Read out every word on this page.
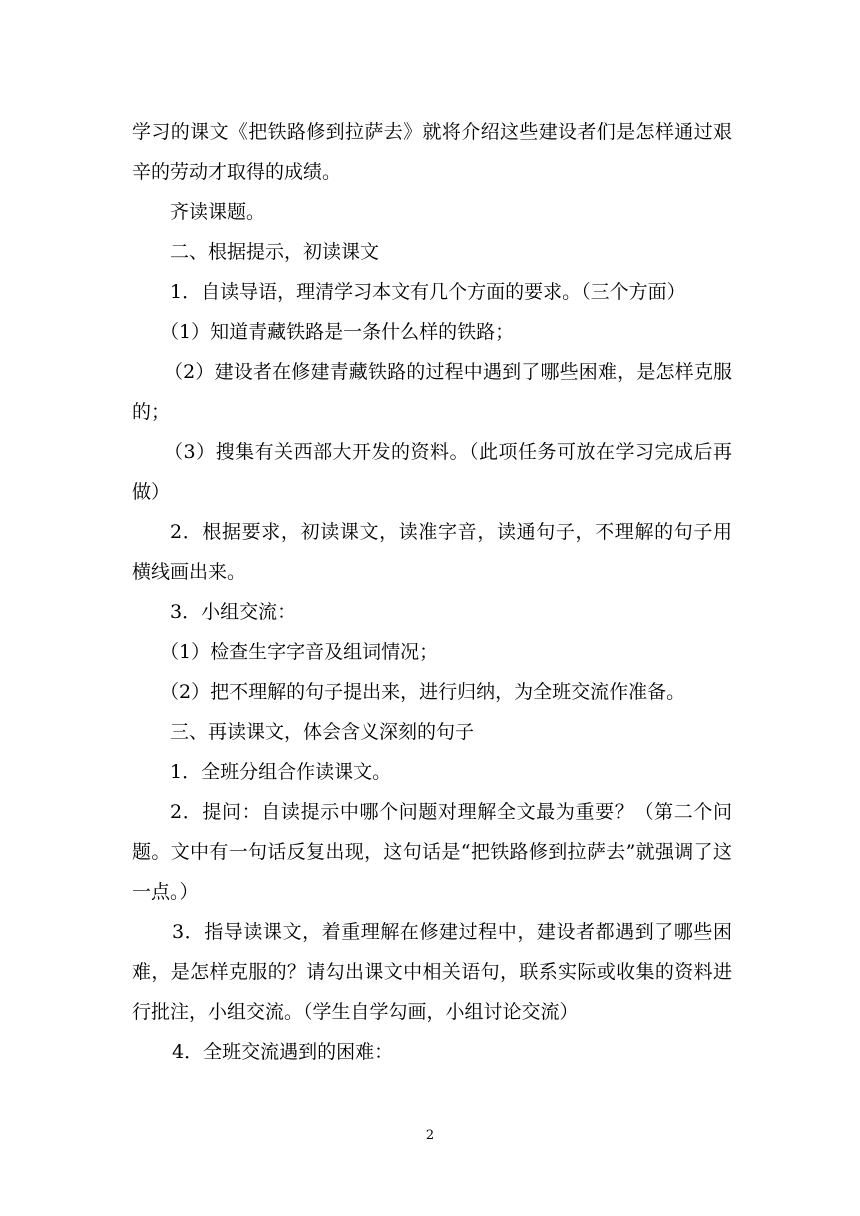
学习的课文《把铁路修到拉萨去》就将介绍这些建设者们是怎样通过艰辛的劳动才取得的成绩。

齐读课题。

二、根据提示，初读课文

1．自读导语，理清学习本文有几个方面的要求。（三个方面）

（1）知道青藏铁路是一条什么样的铁路；

（2）建设者在修建青藏铁路的过程中遇到了哪些困难，是怎样克服的；

（3）搜集有关西部大开发的资料。（此项任务可放在学习完成后再做）

2．根据要求，初读课文，读准字音，读通句子，不理解的句子用横线画出来。

3．小组交流：

（1）检查生字字音及组词情况；

（2）把不理解的句子提出来，进行归纳，为全班交流作准备。

三、再读课文，体会含义深刻的句子

1．全班分组合作读课文。

2．提问：自读提示中哪个问题对理解全文最为重要？（第二个问题。文中有一句话反复出现，这句话是“把铁路修到拉萨去”就强调了这一点。）

3．指导读课文，着重理解在修建过程中，建设者都遇到了哪些困难，是怎样克服的？请勾出课文中相关语句，联系实际或收集的资料进行批注，小组交流。（学生自学勾画，小组讨论交流）

4．全班交流遇到的困难：

2
